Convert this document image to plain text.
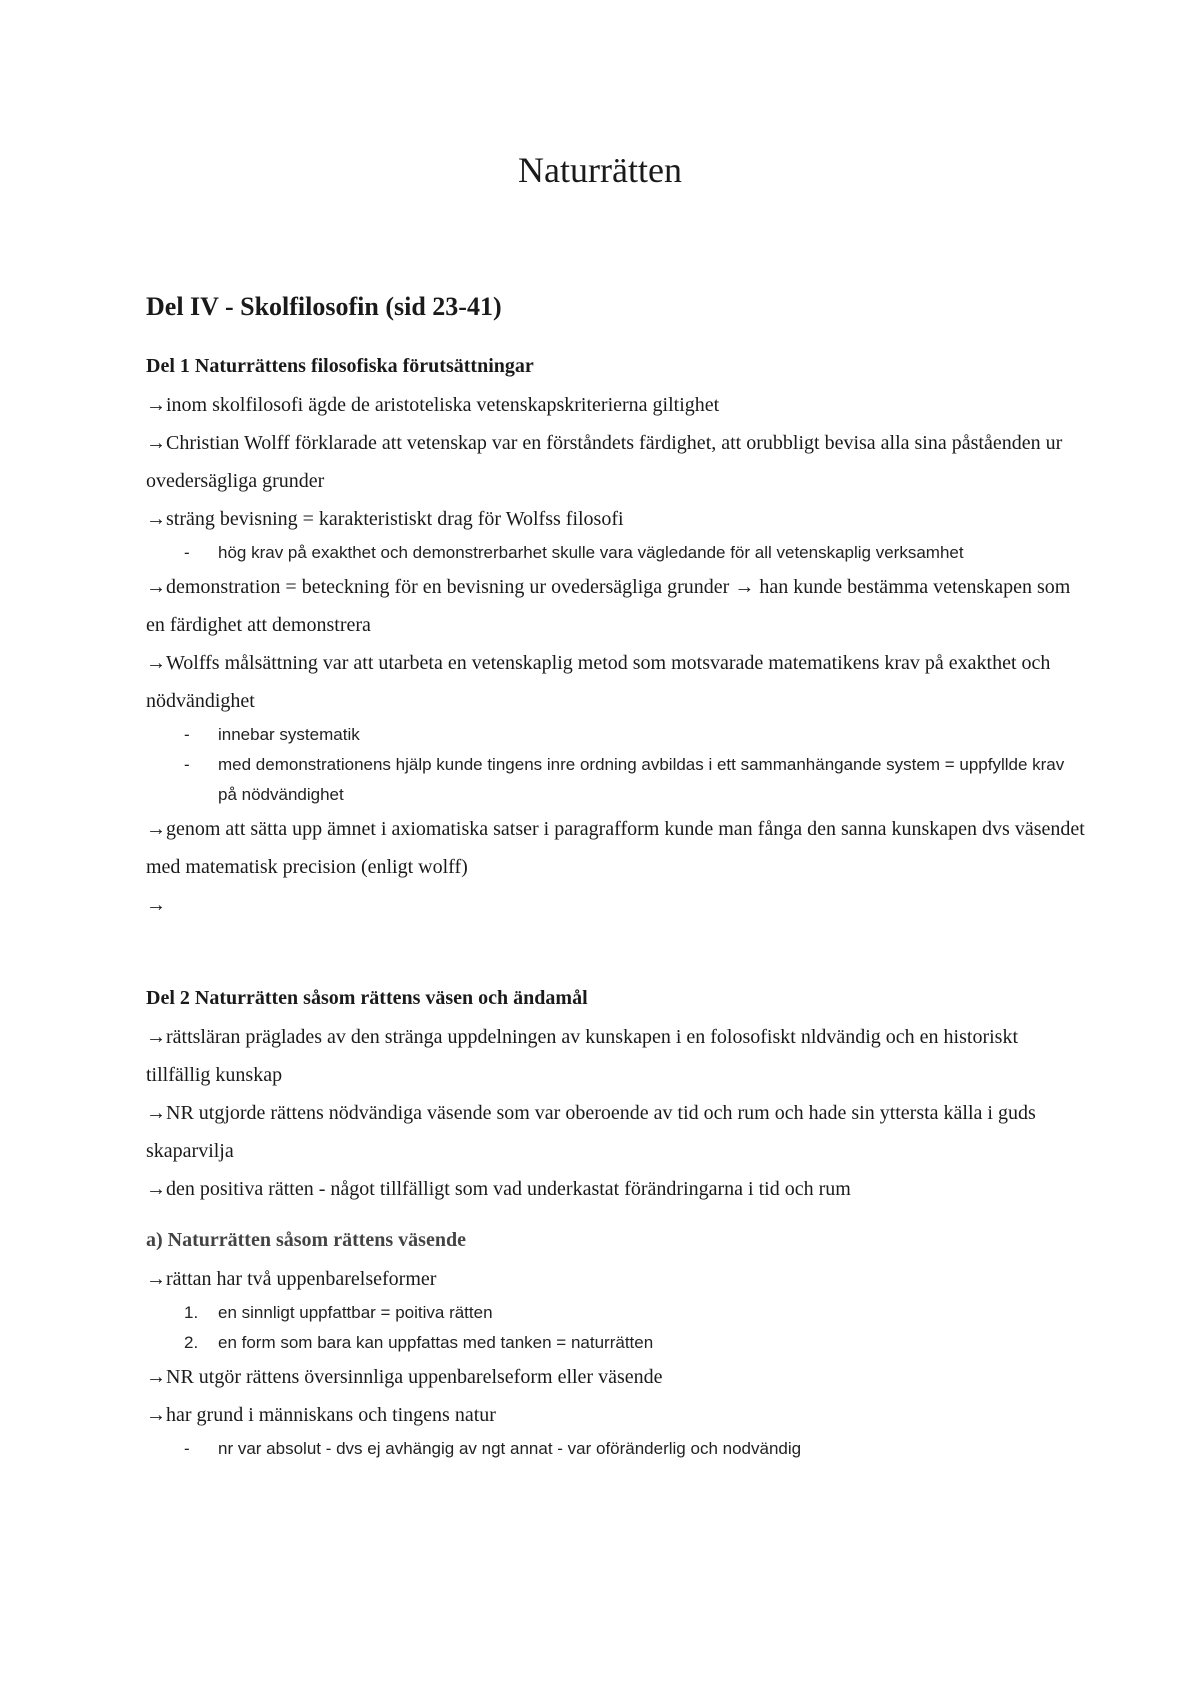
Naturrätten
Del IV - Skolfilosofin (sid 23-41)
Del 1 Naturrättens filosofiska förutsättningar

→inom skolfilosofi ägde de aristoteliska vetenskapskriterierna giltighet

→Christian Wolff förklarade att vetenskap var en förståndets färdighet, att orubbligt bevisa alla sina påståenden ur ovedersägliga grunder

→sträng bevisning = karakteristiskt drag för Wolfss filosofi

- hög krav på exakthet och demonstrerbarhet skulle vara vägledande för all vetenskaplig verksamhet

→demonstration = beteckning för en bevisning ur ovedersägliga grunder → han kunde bestämma vetenskapen som en färdighet att demonstrera

→Wolffs målsättning var att utarbeta en vetenskaplig metod som motsvarade matematikens krav på exakthet och nödvändighet

- innebar systematik
- med demonstrationens hjälp kunde tingens inre ordning avbildas i ett sammanhängande system = uppfyllde krav på nödvändighet

→genom att sätta upp ämnet i axiomatiska satser i paragrafform kunde man fånga den sanna kunskapen dvs väsendet med matematisk precision (enligt wolff)

→

Del 2 Naturrätten såsom rättens väsen och ändamål

→rättsläran präglades av den stränga uppdelningen av kunskapen i en folosofiskt nldvändig och en historiskt tillfällig kunskap

→NR utgjorde rättens nödvändiga väsende som var oberoende av tid och rum och hade sin yttersta källa i guds skaparvilja

→den positiva rätten - något tillfälligt som vad underkastat förändringarna i tid och rum

a) Naturrätten såsom rättens väsende

→rättan har två uppenbarelseformer

1. en sinnligt uppfattbar = poitiva rätten
2. en form som bara kan uppfattas med tanken = naturrätten

→NR utgör rättens översinnliga uppenbarelseform eller väsende

→har grund i människans och tingens natur

- nr var absolut - dvs ej avhängig av ngt annat - var oföränderlig och nodvändig
